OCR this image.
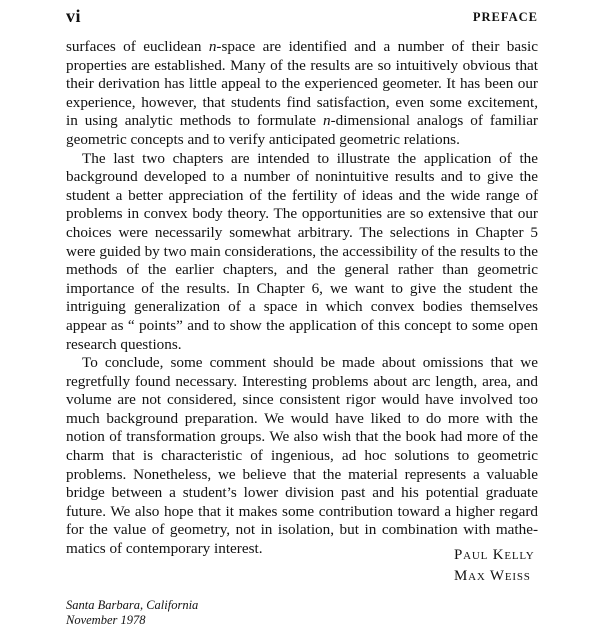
vi	PREFACE

surfaces of euclidean n-space are identified and a number of their basic properties are established. Many of the results are so intuitively obvious that their derivation has little appeal to the experienced geometer. It has been our experience, however, that students find satisfaction, even some excitement, in using analytic methods to formulate n-dimensional analogs of familiar geometric concepts and to verify anticipated geometric relations.

The last two chapters are intended to illustrate the application of the background developed to a number of nonintuitive results and to give the student a better appreciation of the fertility of ideas and the wide range of problems in convex body theory. The opportunities are so extensive that our choices were necessarily somewhat arbitrary. The selections in Chapter 5 were guided by two main considerations, the accessibility of the results to the methods of the earlier chapters, and the general rather than geometric importance of the results. In Chapter 6, we want to give the student the intriguing generalization of a space in which convex bodies themselves appear as “ points” and to show the application of this concept to some open research questions.

To conclude, some comment should be made about omissions that we regretfully found necessary. Interesting problems about arc length, area, and volume are not considered, since consistent rigor would have involved too much background preparation. We would have liked to do more with the notion of transformation groups. We also wish that the book had more of the charm that is characteristic of ingenious, ad hoc solutions to geometric problems. Nonetheless, we believe that the material represents a valuable bridge between a student’s lower division past and his potential graduate future. We also hope that it makes some contribution toward a higher regard for the value of geometry, not in isolation, but in combination with mathe-matics of contemporary interest.	Paul Kelly
Max Weiss
Santa Barbara, California
November 1978
